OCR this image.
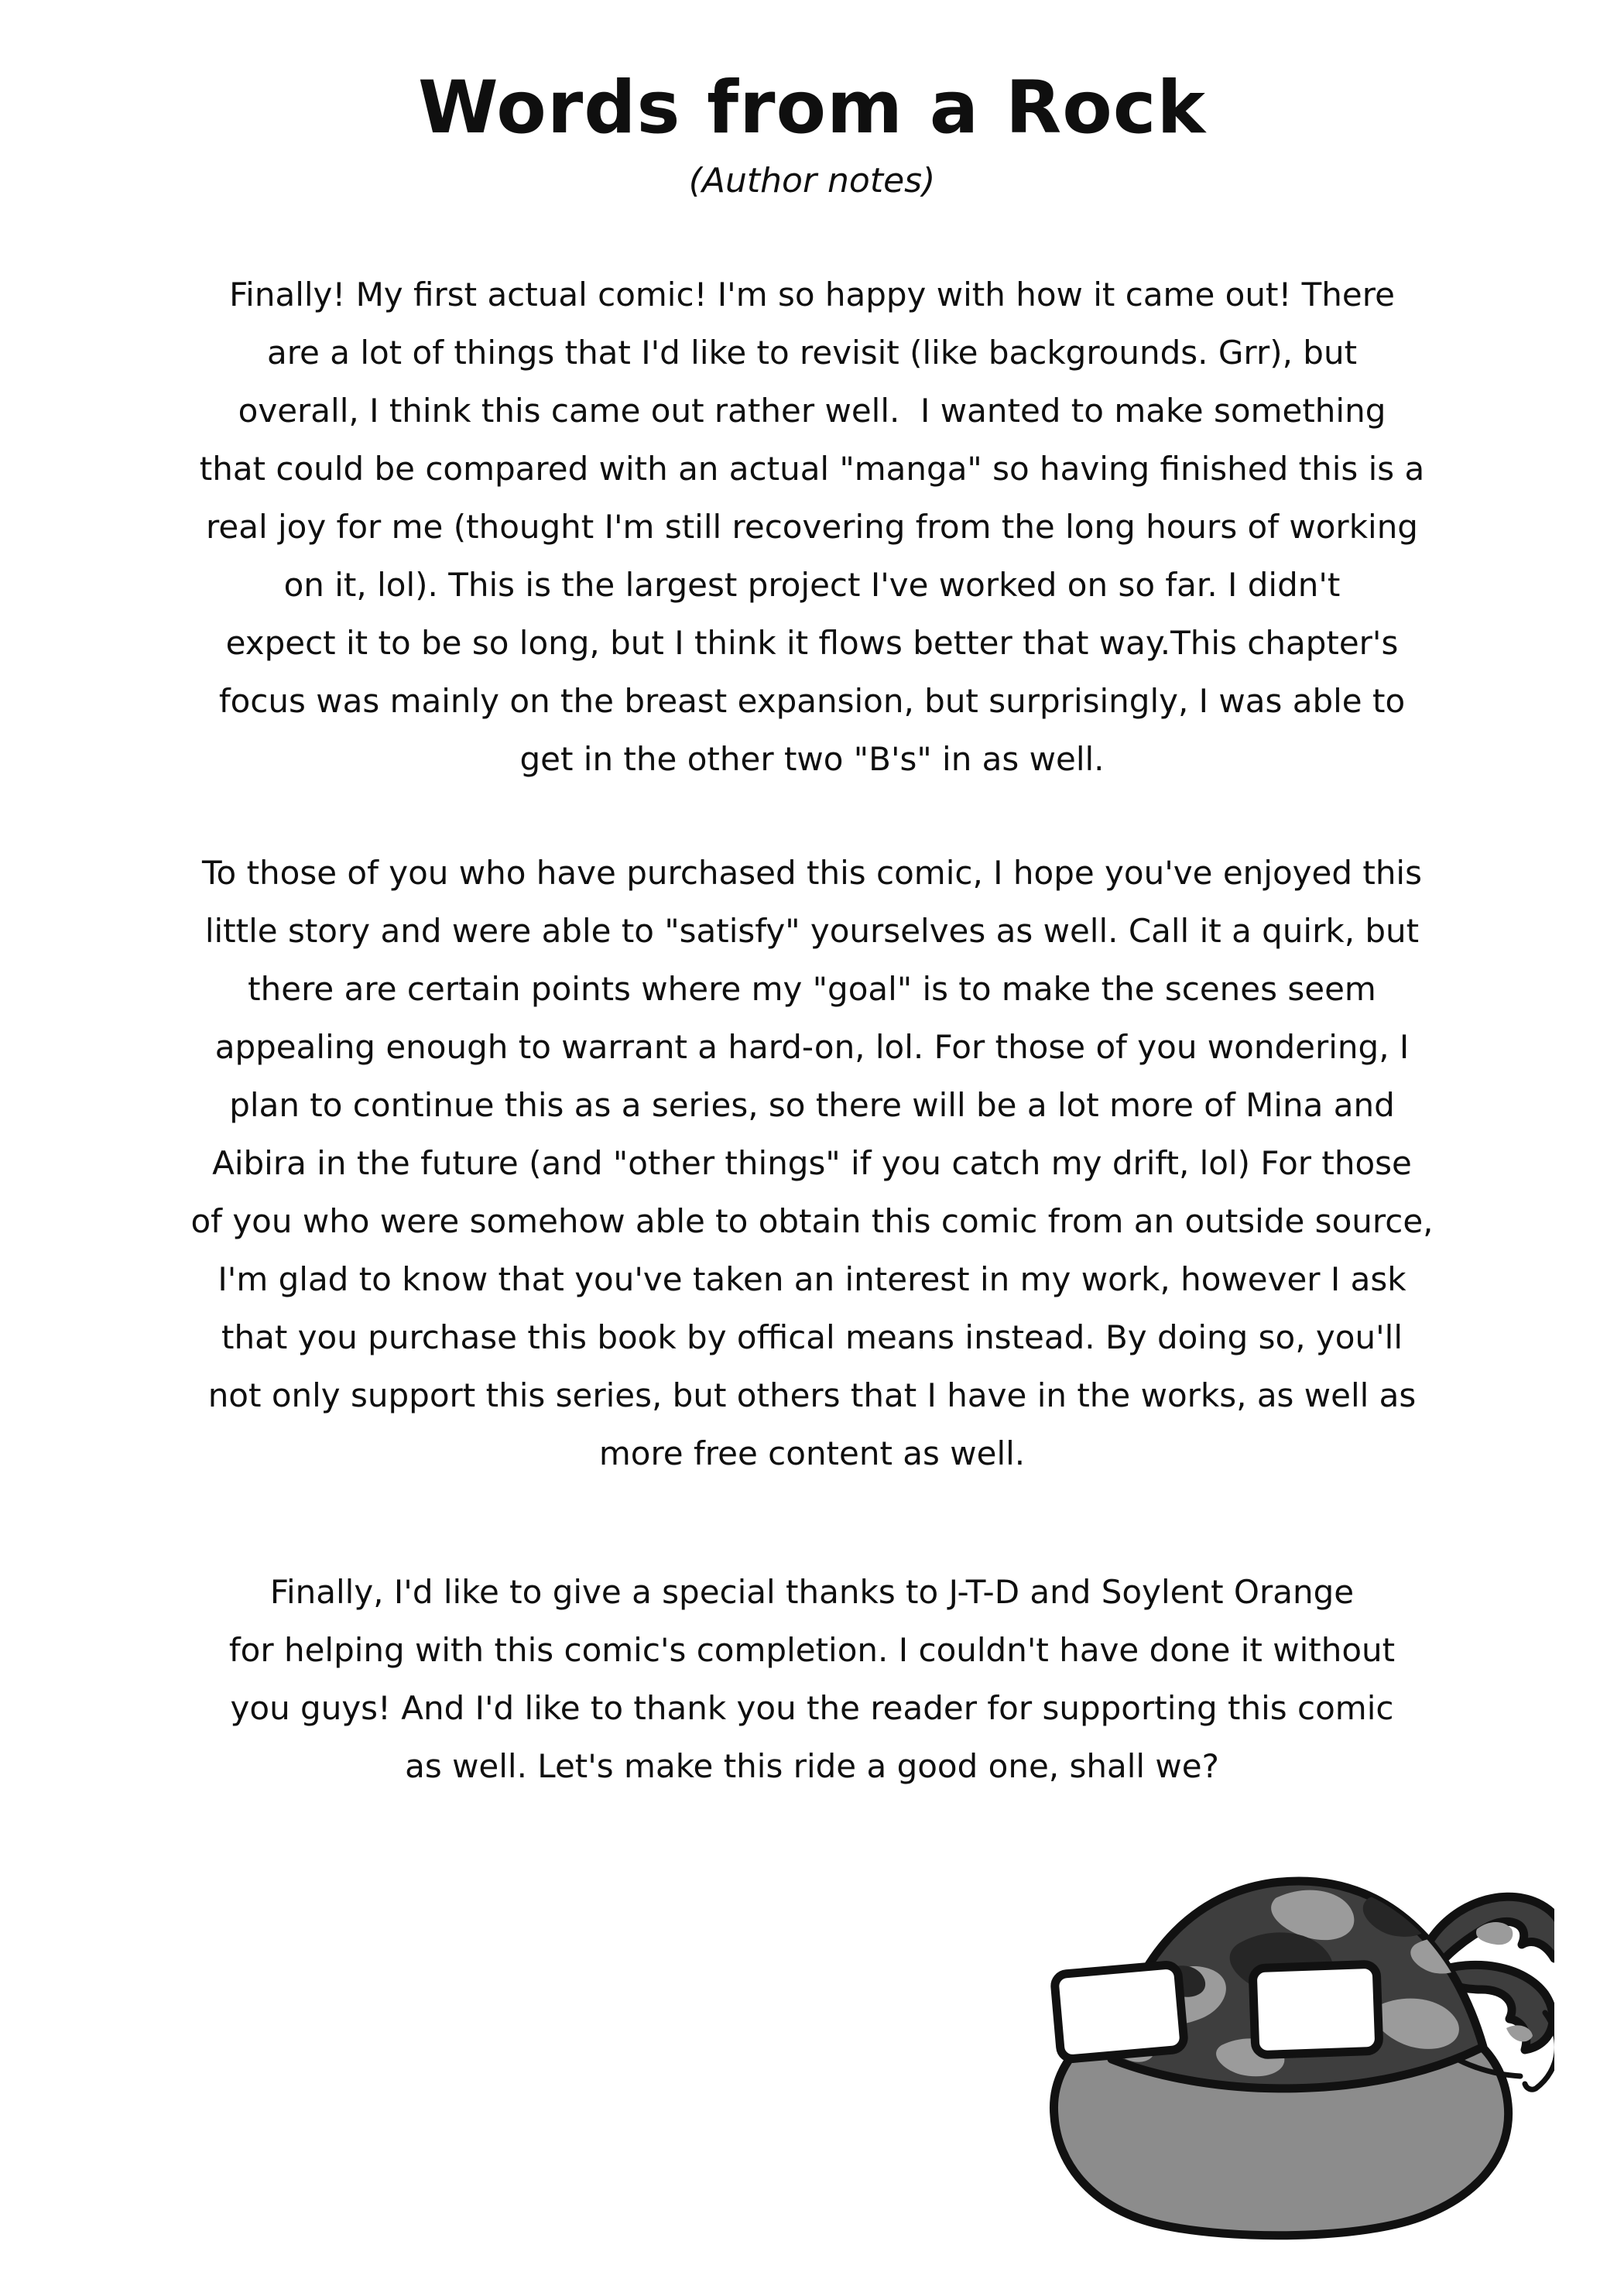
Words from a Rock
(Author notes)
Finally! My first actual comic! I'm so happy with how it came out! There
are a lot of things that I'd like to revisit (like backgrounds. Grr), but
overall, I think this came out rather well.  I wanted to make something
that could be compared with an actual "manga" so having finished this is a
real joy for me (thought I'm still recovering from the long hours of working
on it, lol). This is the largest project I've worked on so far. I didn't
expect it to be so long, but I think it flows better that way.This chapter's
focus was mainly on the breast expansion, but surprisingly, I was able to
get in the other two "B's" in as well.
To those of you who have purchased this comic, I hope you've enjoyed this
little story and were able to "satisfy" yourselves as well. Call it a quirk, but
there are certain points where my "goal" is to make the scenes seem
appealing enough to warrant a hard-on, lol. For those of you wondering, I
plan to continue this as a series, so there will be a lot more of Mina and
Aibira in the future (and "other things" if you catch my drift, lol) For those
of you who were somehow able to obtain this comic from an outside source,
I'm glad to know that you've taken an interest in my work, however I ask
that you purchase this book by offical means instead. By doing so, you'll
not only support this series, but others that I have in the works, as well as
more free content as well.
Finally, I'd like to give a special thanks to J-T-D and Soylent Orange
for helping with this comic's completion. I couldn't have done it without
you guys! And I'd like to thank you the reader for supporting this comic
as well. Let's make this ride a good one, shall we?
